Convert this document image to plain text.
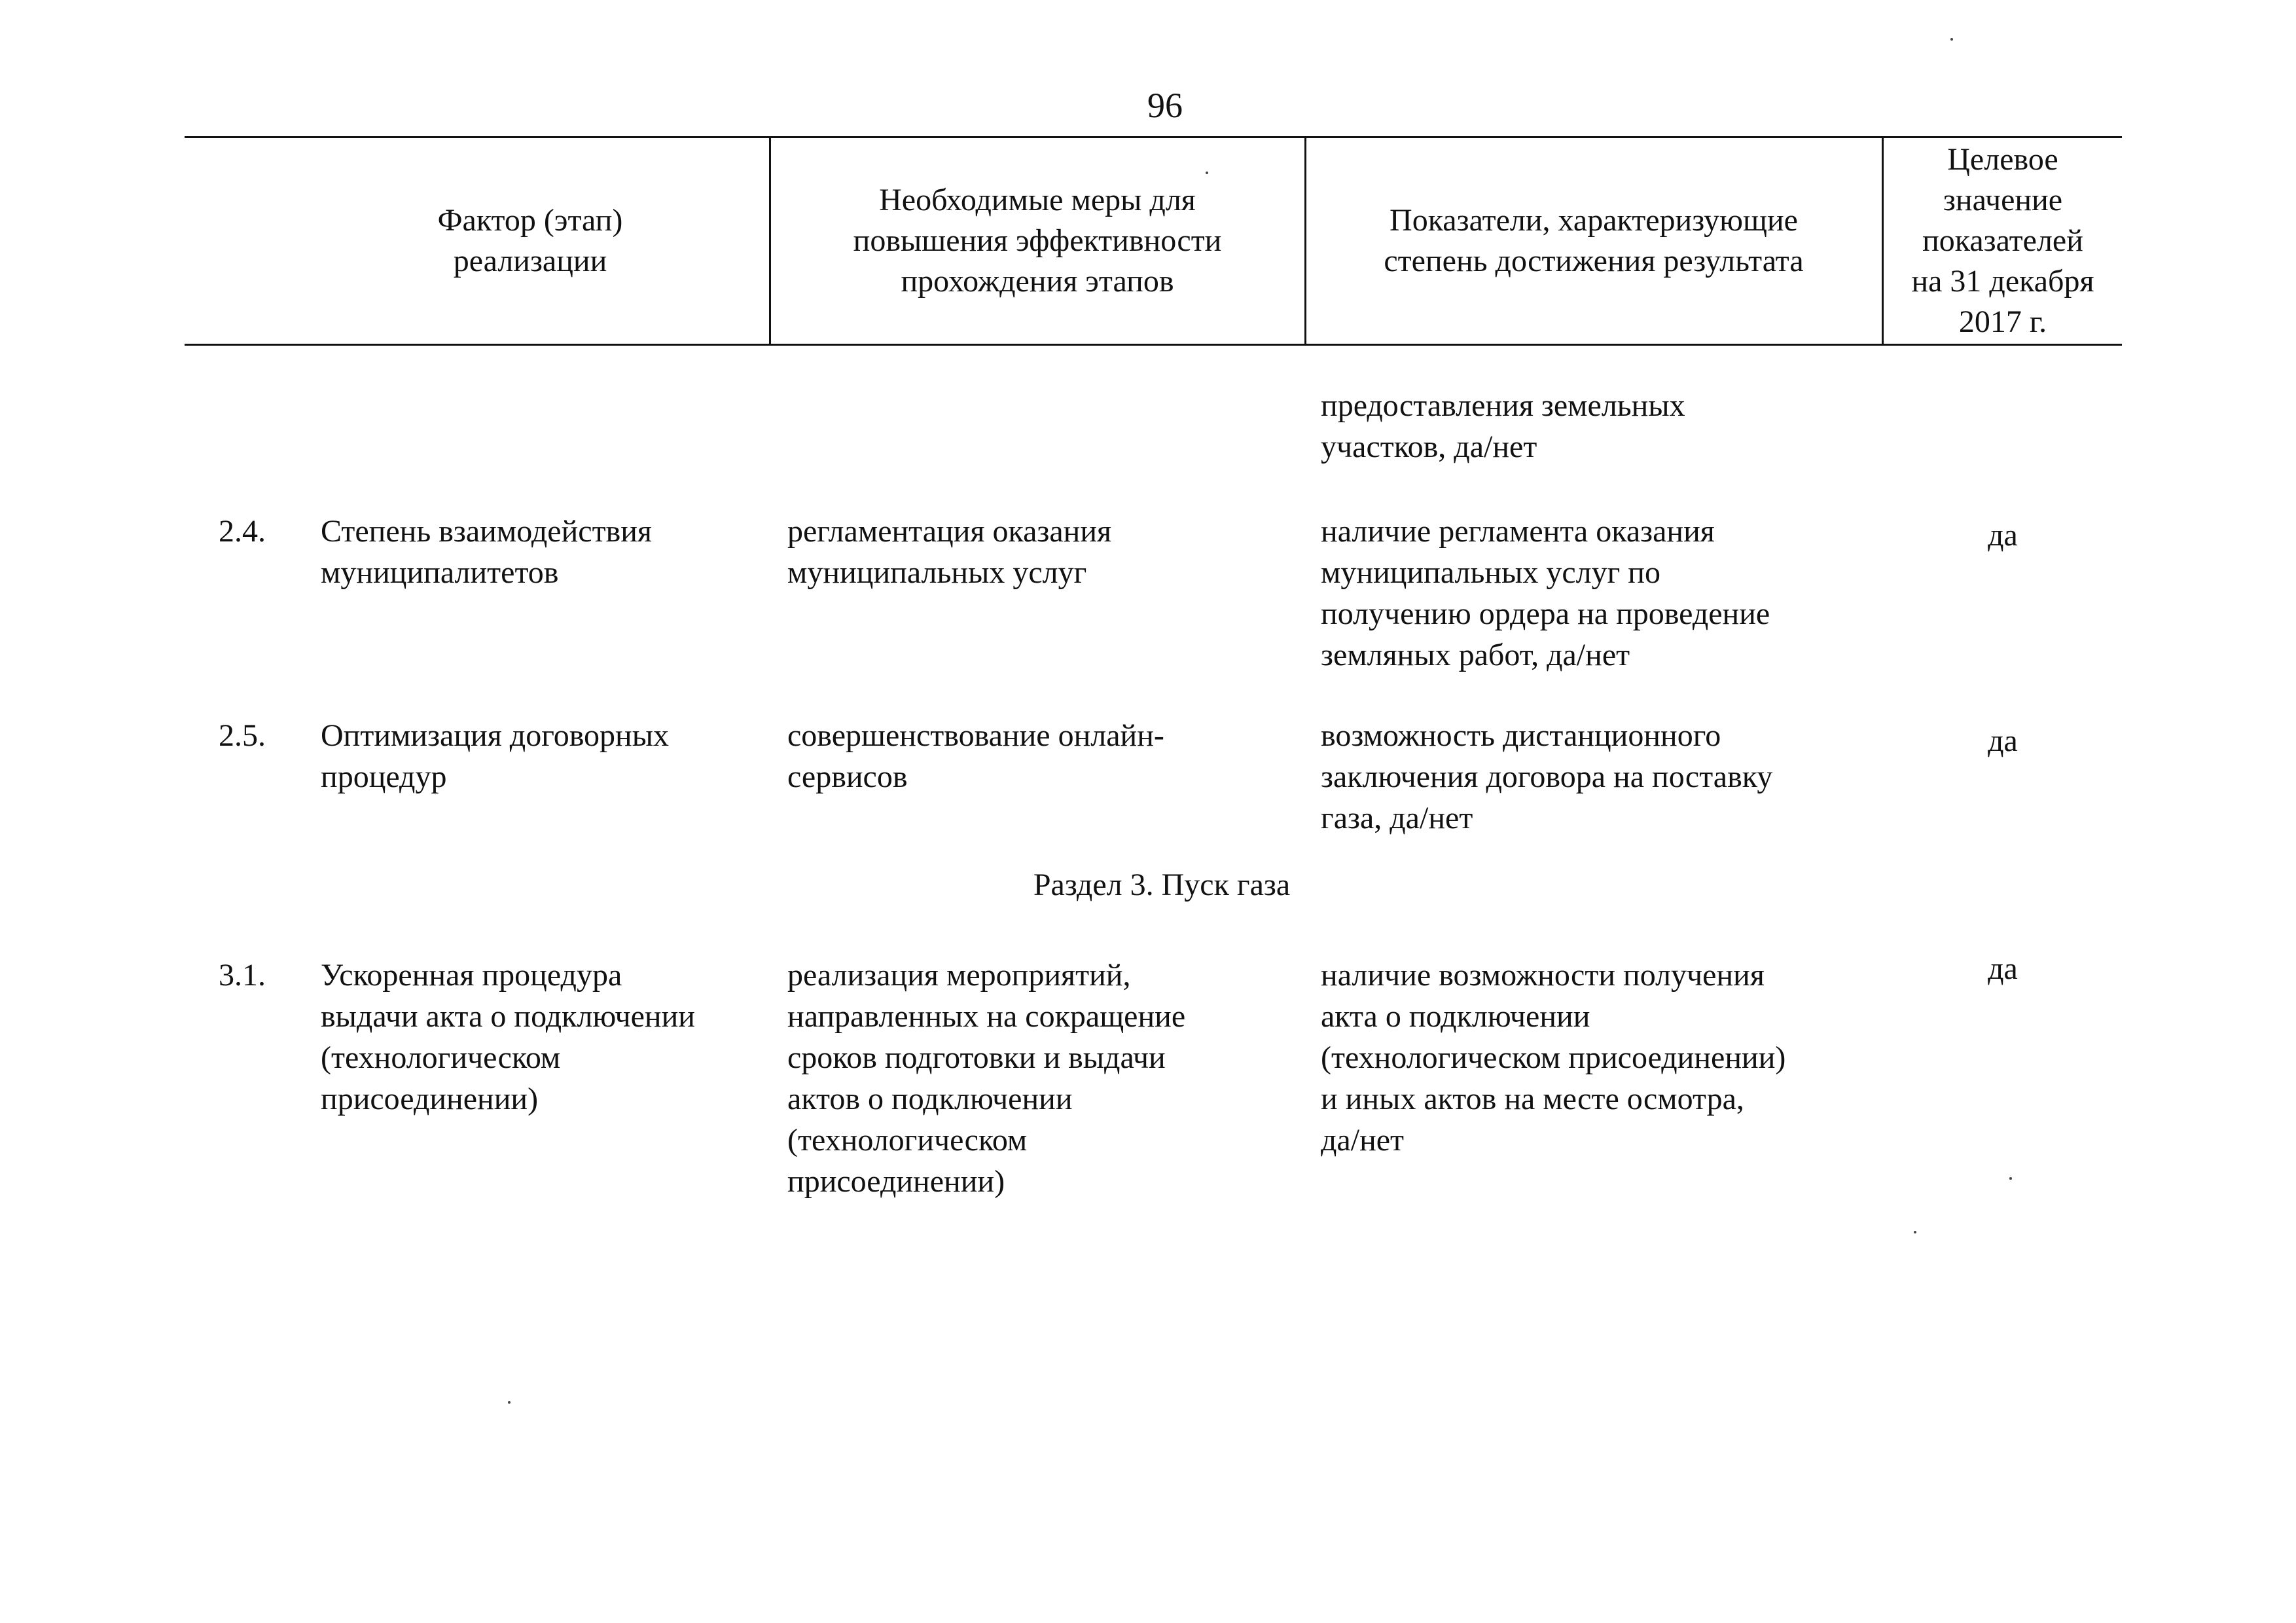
96
Фактор (этап)
реализации
Необходимые меры для
повышения эффективности
прохождения этапов
Показатели, характеризующие
степень достижения результата
Целевое
значение
показателей
на 31 декабря
2017 г.
предоставления земельных
участков, да/нет
2.4. Степень взаимодействия
муниципалитетов
регламентация оказания
муниципальных услуг
наличие регламента оказания
муниципальных услуг по
получению ордера на проведение
земляных работ, да/нет
да
2.5. Оптимизация договорных
процедур
совершенствование онлайн-
сервисов
возможность дистанционного
заключения договора на поставку
газа, да/нет
да
Раздел 3. Пуск газа
3.1. Ускоренная процедура
выдачи акта о подключении
(технологическом
присоединении)
реализация мероприятий,
направленных на сокращение
сроков подготовки и выдачи
актов о подключении
(технологическом
присоединении)
наличие возможности получения
акта о подключении
(технологическом присоединении)
и иных актов на месте осмотра,
да/нет
да
